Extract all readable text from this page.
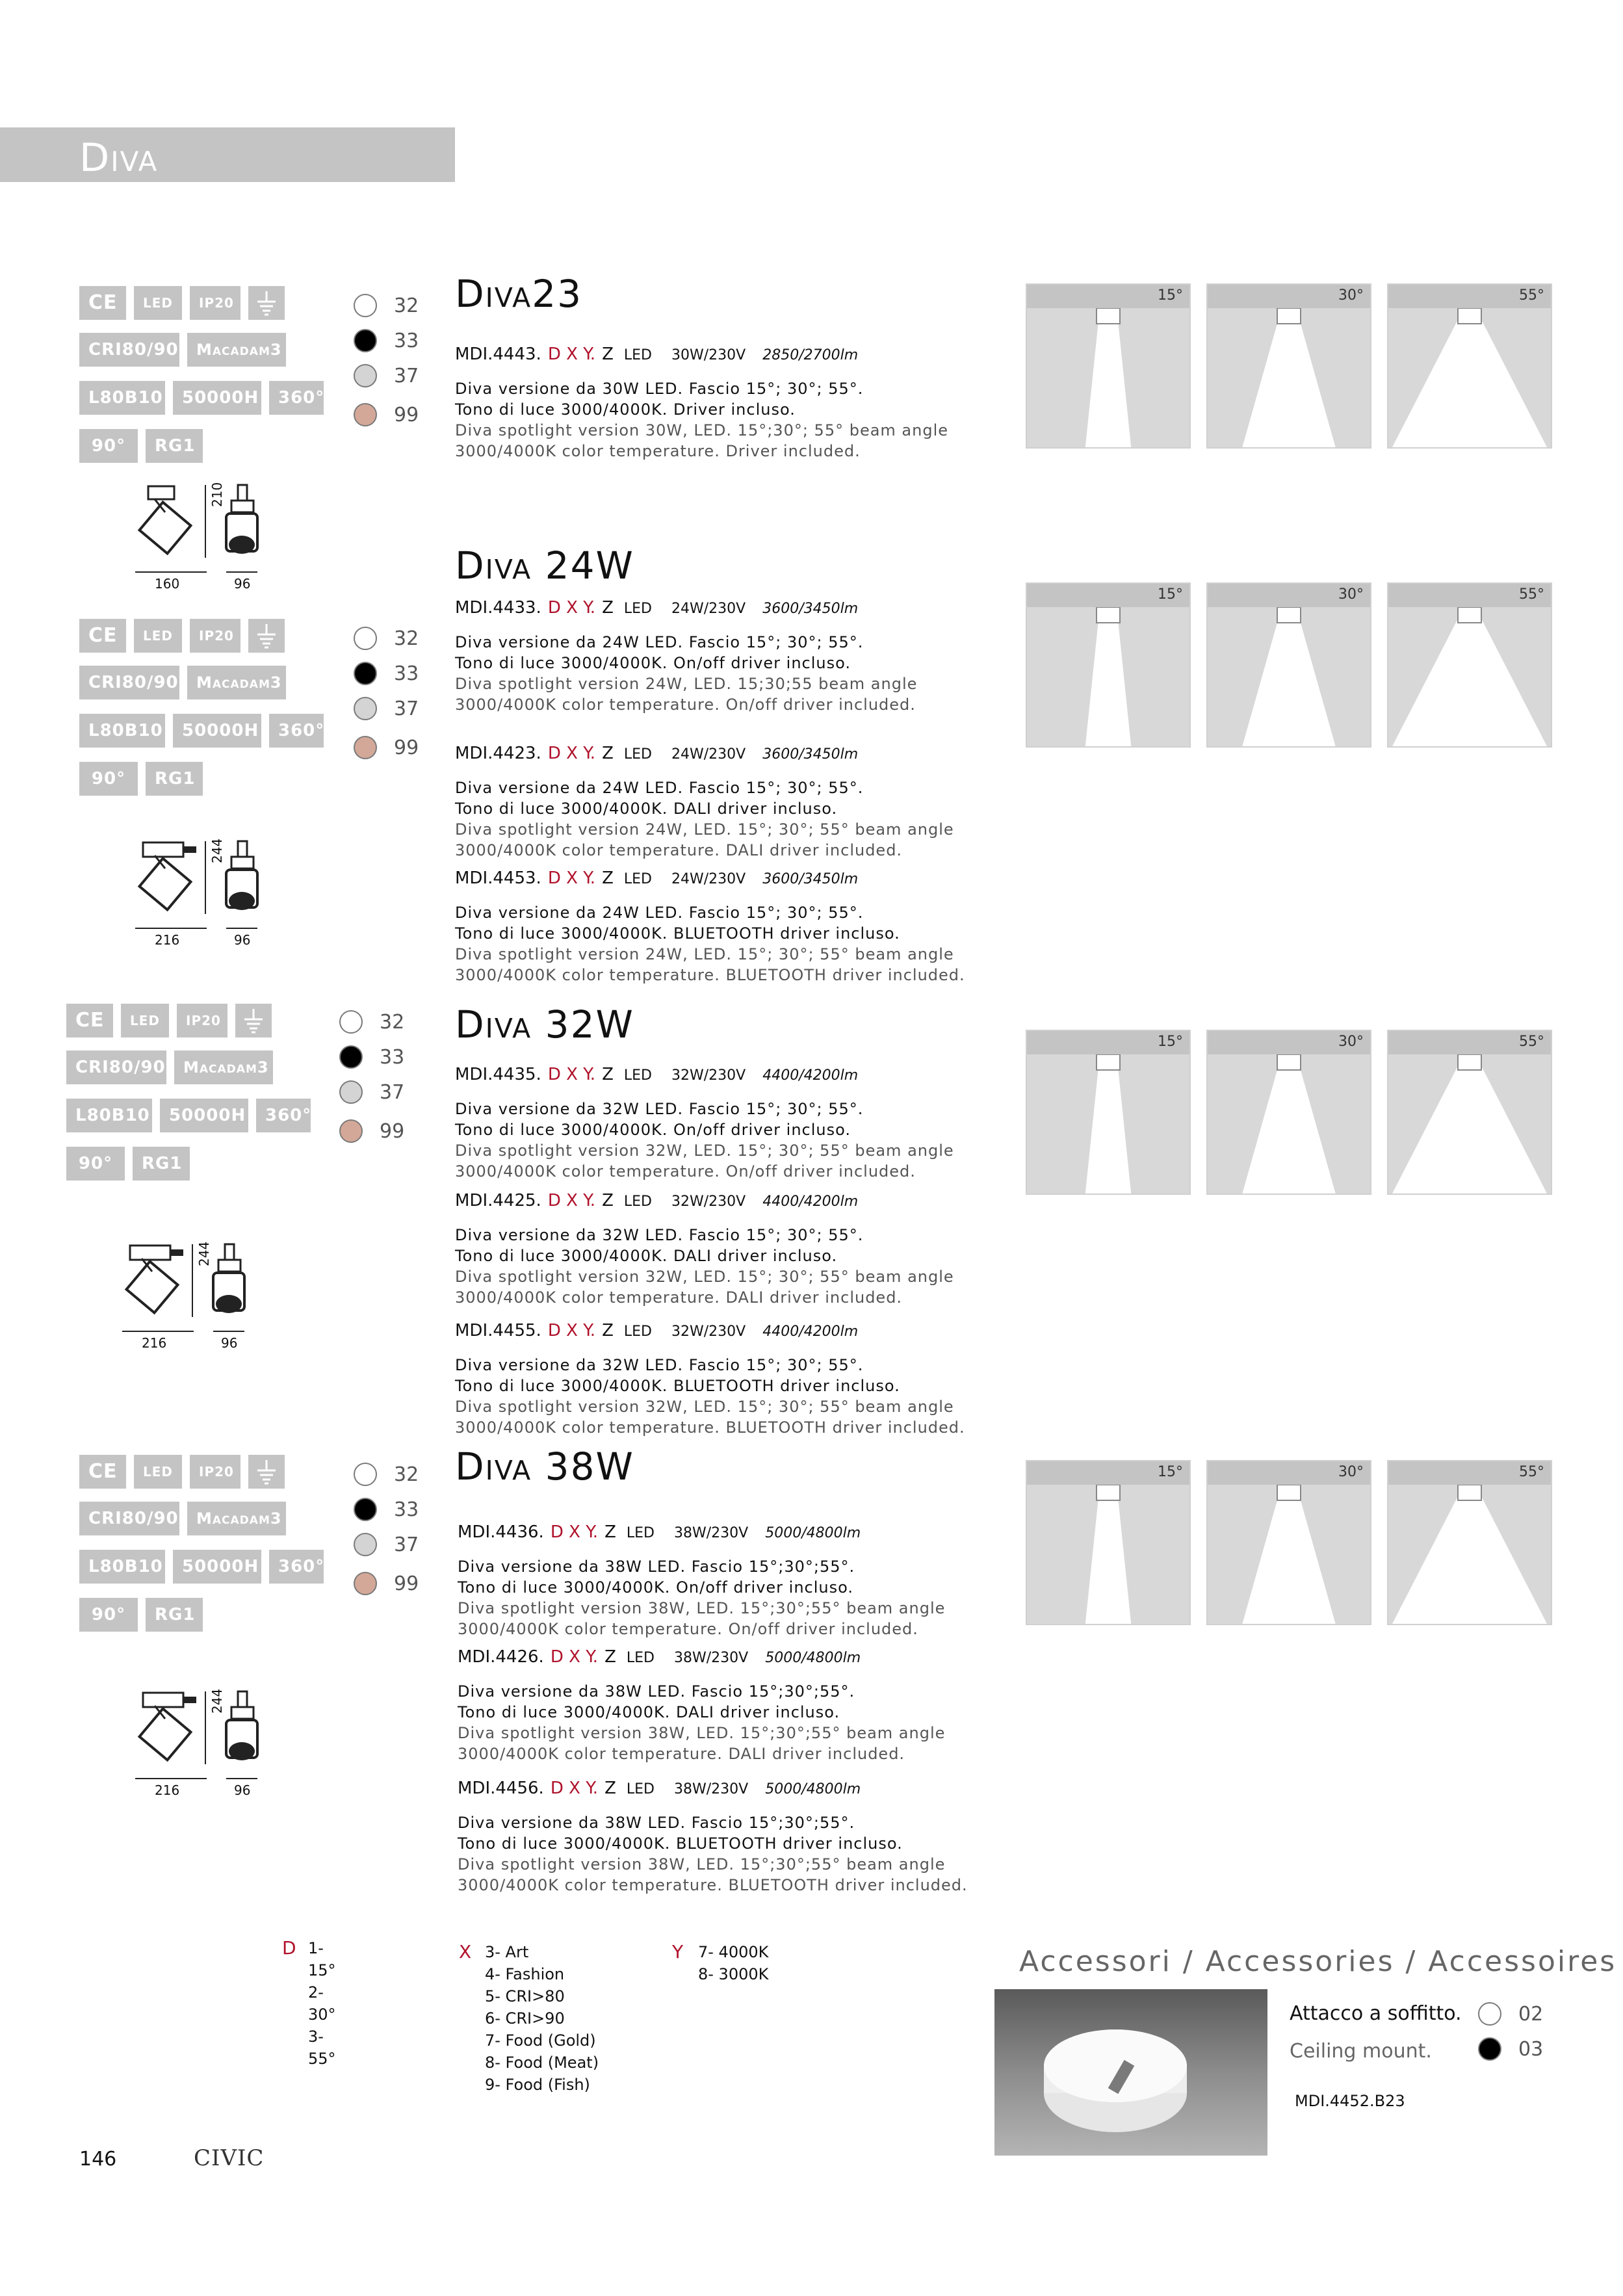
Diva
CE	LED	IP20
CRI80/90	Macadam3
L80B10	50000H	360°
90°	RG1
32
33
37
99
160	96
210
Diva23
MDI.4443. D X Y. Z LED 30W/230V 2850/2700lm
Diva versione da 30W LED. Fascio 15°; 30°; 55°.
Tono di luce 3000/4000K. Driver incluso.
Diva spotlight version 30W, LED. 15°;30°; 55° beam angle
3000/4000K color temperature. Driver included.
15°	30°	55°
CE	LED	IP20
CRI80/90	Macadam3
L80B10	50000H	360°
90°	RG1
32
33
37
99
216	96
244
Diva 24W
MDI.4433. D X Y. Z LED 24W/230V 3600/3450lm
Diva versione da 24W LED. Fascio 15°; 30°; 55°.
Tono di luce 3000/4000K. On/off driver incluso.
Diva spotlight version 24W, LED. 15;30;55 beam angle
3000/4000K color temperature. On/off driver included.
MDI.4423. D X Y. Z LED 24W/230V 3600/3450lm
Diva versione da 24W LED. Fascio 15°; 30°; 55°.
Tono di luce 3000/4000K. DALI driver incluso.
Diva spotlight version 24W, LED. 15°; 30°; 55° beam angle
3000/4000K color temperature. DALI driver included.
MDI.4453. D X Y. Z LED 24W/230V 3600/3450lm
Diva versione da 24W LED. Fascio 15°; 30°; 55°.
Tono di luce 3000/4000K. BLUETOOTH driver incluso.
Diva spotlight version 24W, LED. 15°; 30°; 55° beam angle
3000/4000K color temperature. BLUETOOTH driver included.
15°	30°	55°
CE	LED	IP20
CRI80/90	Macadam3
L80B10	50000H	360°
90°	RG1
32
33
37
99
216	96
244
Diva 32W
MDI.4435. D X Y. Z LED 32W/230V 4400/4200lm
Diva versione da 32W LED. Fascio 15°; 30°; 55°.
Tono di luce 3000/4000K. On/off driver incluso.
Diva spotlight version 32W, LED. 15°; 30°; 55° beam angle
3000/4000K color temperature. On/off driver included.
MDI.4425. D X Y. Z LED 32W/230V 4400/4200lm
Diva versione da 32W LED. Fascio 15°; 30°; 55°.
Tono di luce 3000/4000K. DALI driver incluso.
Diva spotlight version 32W, LED. 15°; 30°; 55° beam angle
3000/4000K color temperature. DALI driver included.
MDI.4455. D X Y. Z LED 32W/230V 4400/4200lm
Diva versione da 32W LED. Fascio 15°; 30°; 55°.
Tono di luce 3000/4000K. BLUETOOTH driver incluso.
Diva spotlight version 32W, LED. 15°; 30°; 55° beam angle
3000/4000K color temperature. BLUETOOTH driver included.
15°	30°	55°
CE	LED	IP20
CRI80/90	Macadam3
L80B10	50000H	360°
90°	RG1
32
33
37
99
216	96
244
Diva 38W
MDI.4436. D X Y. Z LED 38W/230V 5000/4800lm
Diva versione da 38W LED. Fascio 15°;30°;55°.
Tono di luce 3000/4000K. On/off driver incluso.
Diva spotlight version 38W, LED. 15°;30°;55° beam angle
3000/4000K color temperature. On/off driver included.
MDI.4426. D X Y. Z LED 38W/230V 5000/4800lm
Diva versione da 38W LED. Fascio 15°;30°;55°.
Tono di luce 3000/4000K. DALI driver incluso.
Diva spotlight version 38W, LED. 15°;30°;55° beam angle
3000/4000K color temperature. DALI driver included.
MDI.4456. D X Y. Z LED 38W/230V 5000/4800lm
Diva versione da 38W LED. Fascio 15°;30°;55°.
Tono di luce 3000/4000K. BLUETOOTH driver incluso.
Diva spotlight version 38W, LED. 15°;30°;55° beam angle
3000/4000K color temperature. BLUETOOTH driver included.
15°	30°	55°
D 1- 15°
2- 30°
3- 55°
X 3- Art
4- Fashion
5- CRI>80
6- CRI>90
7- Food (Gold)
8- Food (Meat)
9- Food (Fish)
Y 7- 4000K
8- 3000K	Accessori / Accessories / Accessoires
Attacco a soffitto.
Ceiling mount.
02
03
MDI.4452.B23
146	CIVIC
